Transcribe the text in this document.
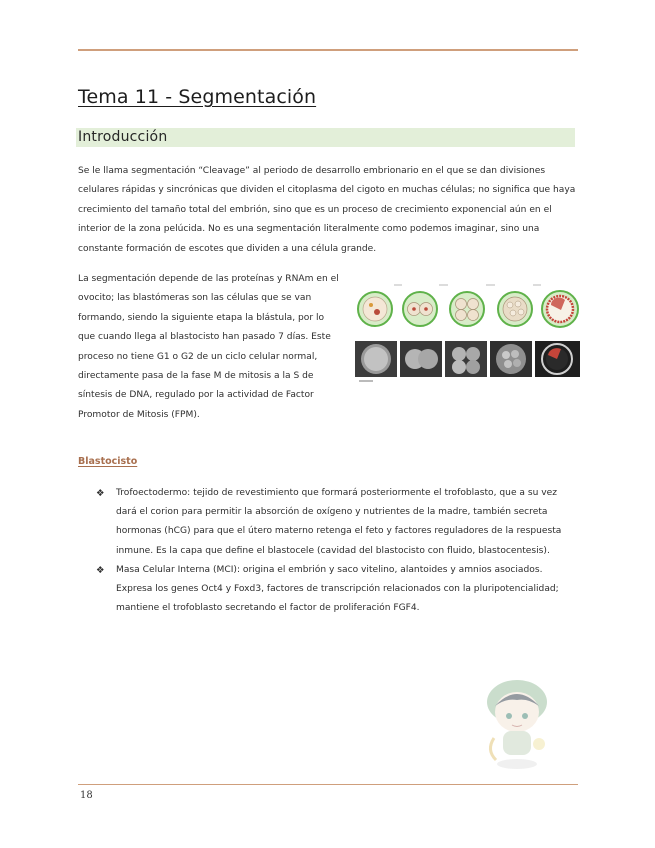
Tema 11 - Segmentación
Introducción

Se le llama segmentación “Cleavage” al periodo de desarrollo embrionario en el que se dan divisiones celulares rápidas y sincrónicas que dividen el citoplasma del cigoto en muchas células; no significa que haya crecimiento del tamaño total del embrión, sino que es un proceso de crecimiento exponencial aún en el interior de la zona pelúcida. No es una segmentación literalmente como podemos imaginar, sino una constante formación de escotes que dividen a una célula grande.

La segmentación depende de las proteínas y RNAm en el ovocito; las blastómeras son las células que se van formando, siendo la siguiente etapa la blástula, por lo que cuando llega al blastocisto han pasado 7 días. Este proceso no tiene G1 o G2 de un ciclo celular normal, directamente pasa de la fase M de mitosis a la S de síntesis de DNA, regulado por la actividad de Factor Promotor de Mitosis (FPM).

Blastocisto
❖ Trofoectodermo: tejido de revestimiento que formará posteriormente el trofoblasto, que a su vez dará el corion para permitir la absorción de oxígeno y nutrientes de la madre, también secreta hormonas (hCG) para que el útero materno retenga el feto y factores reguladores de la respuesta inmune. Es la capa que define el blastocele (cavidad del blastocisto con fluido, blastocentesis).
❖ Masa Celular Interna (MCI): origina el embrión y saco vitelino, alantoides y amnios asociados. Expresa los genes Oct4 y Foxd3, factores de transcripción relacionados con la pluripotencialidad; mantiene el trofoblasto secretando el factor de proliferación FGF4.
18
